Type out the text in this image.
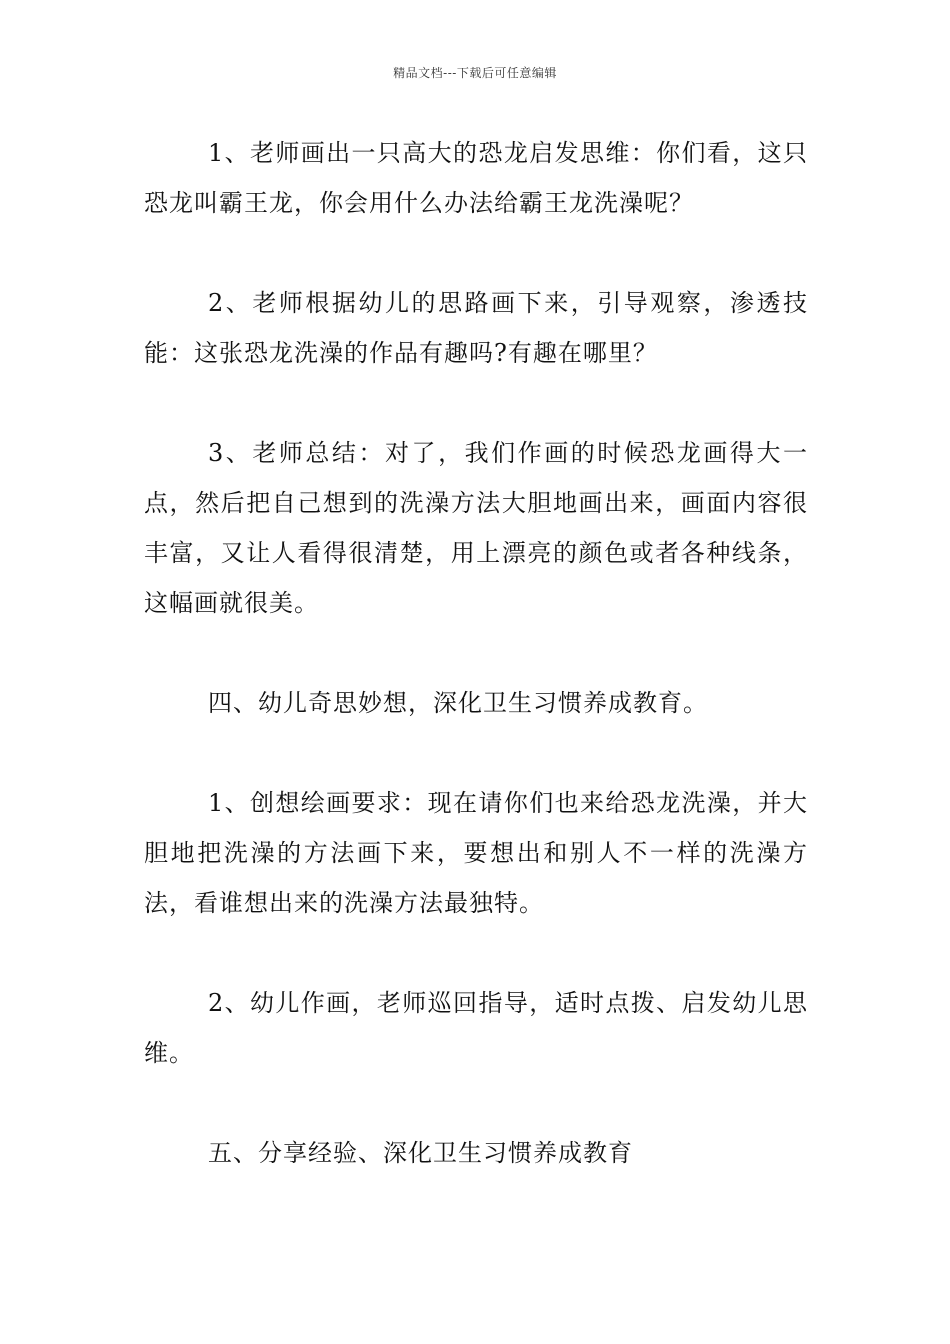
精品文档---下载后可任意编辑

1、老师画出一只高大的恐龙启发思维：你们看，这只恐龙叫霸王龙，你会用什么办法给霸王龙洗澡呢？

2、老师根据幼儿的思路画下来，引导观察，渗透技能：这张恐龙洗澡的作品有趣吗?有趣在哪里？

3、老师总结：对了，我们作画的时候恐龙画得大一点，然后把自己想到的洗澡方法大胆地画出来，画面内容很丰富，又让人看得很清楚，用上漂亮的颜色或者各种线条，这幅画就很美。

四、幼儿奇思妙想，深化卫生习惯养成教育。

1、创想绘画要求：现在请你们也来给恐龙洗澡，并大胆地把洗澡的方法画下来，要想出和别人不一样的洗澡方法，看谁想出来的洗澡方法最独特。

2、幼儿作画，老师巡回指导，适时点拨、启发幼儿思维。

五、分享经验、深化卫生习惯养成教育
